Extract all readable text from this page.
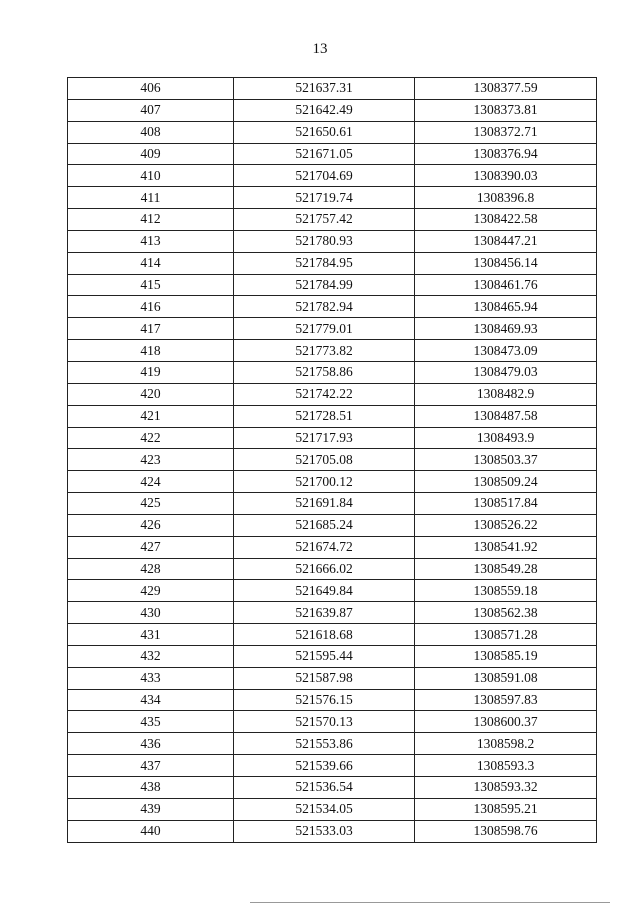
13
406	521637.31	1308377.59
407	521642.49	1308373.81
408	521650.61	1308372.71
409	521671.05	1308376.94
410	521704.69	1308390.03
411	521719.74	1308396.8
412	521757.42	1308422.58
413	521780.93	1308447.21
414	521784.95	1308456.14
415	521784.99	1308461.76
416	521782.94	1308465.94
417	521779.01	1308469.93
418	521773.82	1308473.09
419	521758.86	1308479.03
420	521742.22	1308482.9
421	521728.51	1308487.58
422	521717.93	1308493.9
423	521705.08	1308503.37
424	521700.12	1308509.24
425	521691.84	1308517.84
426	521685.24	1308526.22
427	521674.72	1308541.92
428	521666.02	1308549.28
429	521649.84	1308559.18
430	521639.87	1308562.38
431	521618.68	1308571.28
432	521595.44	1308585.19
433	521587.98	1308591.08
434	521576.15	1308597.83
435	521570.13	1308600.37
436	521553.86	1308598.2
437	521539.66	1308593.3
438	521536.54	1308593.32
439	521534.05	1308595.21
440	521533.03	1308598.76
